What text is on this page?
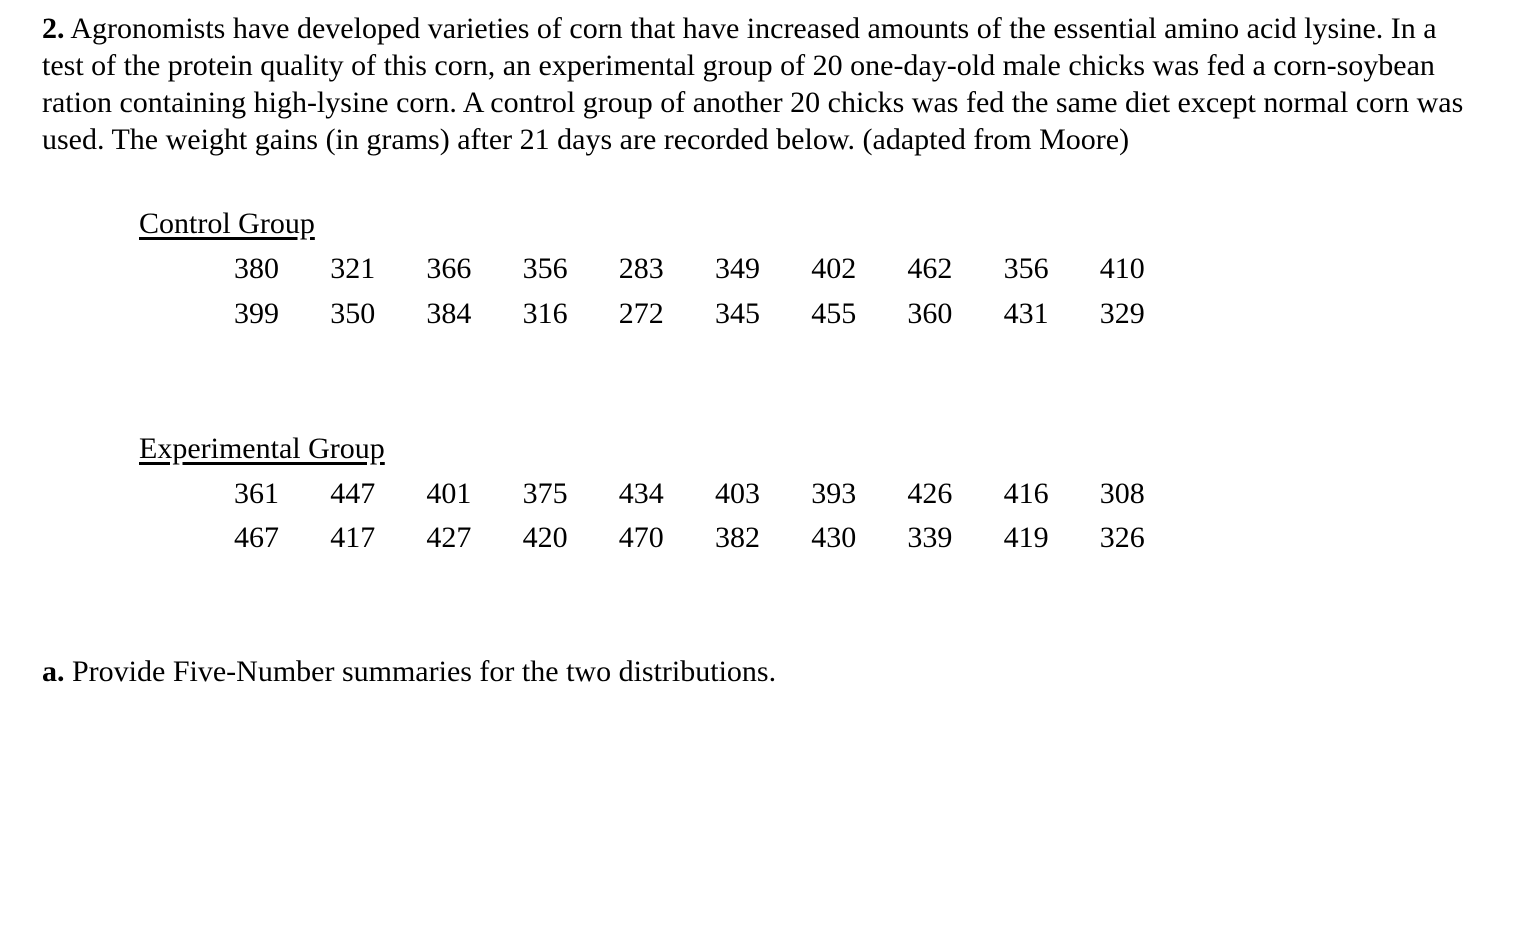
2. Agronomists have developed varieties of corn that have increased amounts of the essential amino acid lysine. In a test of the protein quality of this corn, an experimental group of 20 one-day-old male chicks was fed a corn-soybean ration containing high-lysine corn. A control group of another 20 chicks was fed the same diet except normal corn was used. The weight gains (in grams) after 21 days are recorded below. (adapted from Moore)

Control Group
380 321 366 356 283 349 402 462 356 410
399 350 384 316 272 345 455 360 431 329
Experimental Group
361 447 401 375 434 403 393 426 416 308
467 417 427 420 470 382 430 339 419 326

a. Provide Five-Number summaries for the two distributions.
